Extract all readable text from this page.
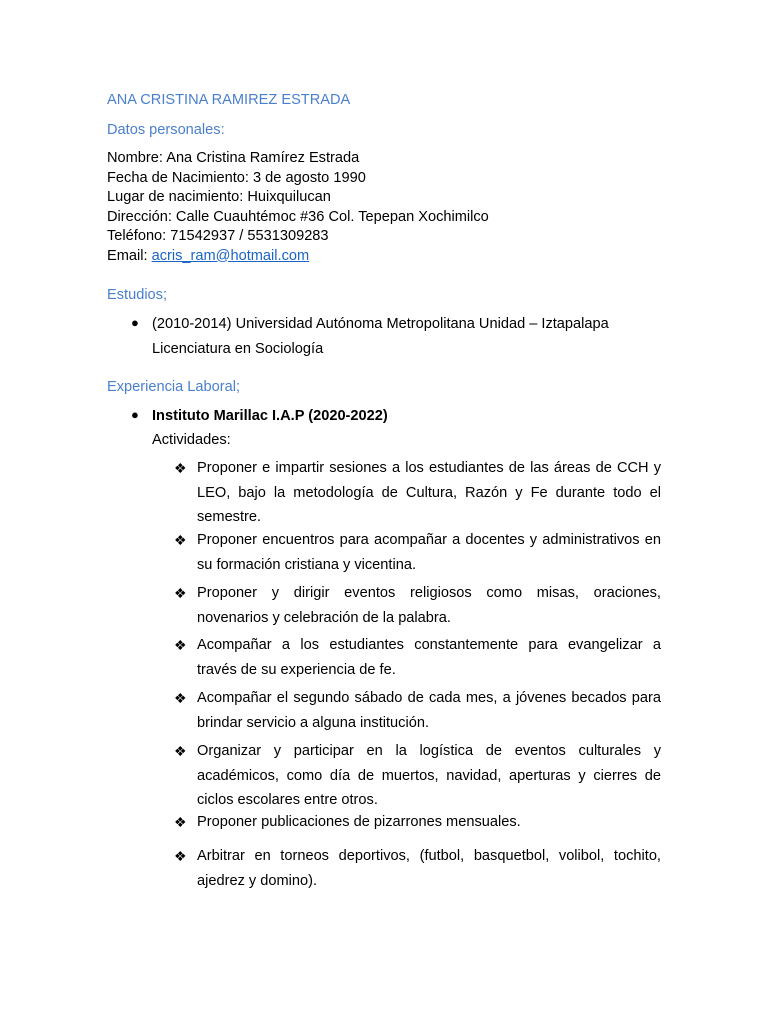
ANA CRISTINA RAMIREZ ESTRADA
Datos personales:
Nombre: Ana Cristina Ramírez Estrada
Fecha de Nacimiento: 3 de agosto 1990
Lugar de nacimiento: Huixquilucan
Dirección: Calle Cuauhtémoc #36 Col. Tepepan Xochimilco
Teléfono: 71542937 / 5531309283
Email: acris_ram@hotmail.com
Estudios;
● (2010-2014) Universidad Autónoma Metropolitana Unidad – Iztapalapa
Licenciatura en Sociología
Experiencia Laboral;
● Instituto Marillac I.A.P (2020-2022)
Actividades:
❖ Proponer e impartir sesiones a los estudiantes de las áreas de CCH y LEO, bajo la metodología de Cultura, Razón y Fe durante todo el semestre.
❖ Proponer encuentros para acompañar a docentes y administrativos en su formación cristiana y vicentina.
❖ Proponer y dirigir eventos religiosos como misas, oraciones, novenarios y celebración de la palabra.
❖ Acompañar a los estudiantes constantemente para evangelizar a través de su experiencia de fe.
❖ Acompañar el segundo sábado de cada mes, a jóvenes becados para brindar servicio a alguna institución.
❖ Organizar y participar en la logística de eventos culturales y académicos, como día de muertos, navidad, aperturas y cierres de ciclos escolares entre otros.
❖ Proponer publicaciones de pizarrones mensuales.
❖ Arbitrar en torneos deportivos, (futbol, basquetbol, volibol, tochito, ajedrez y domino).
